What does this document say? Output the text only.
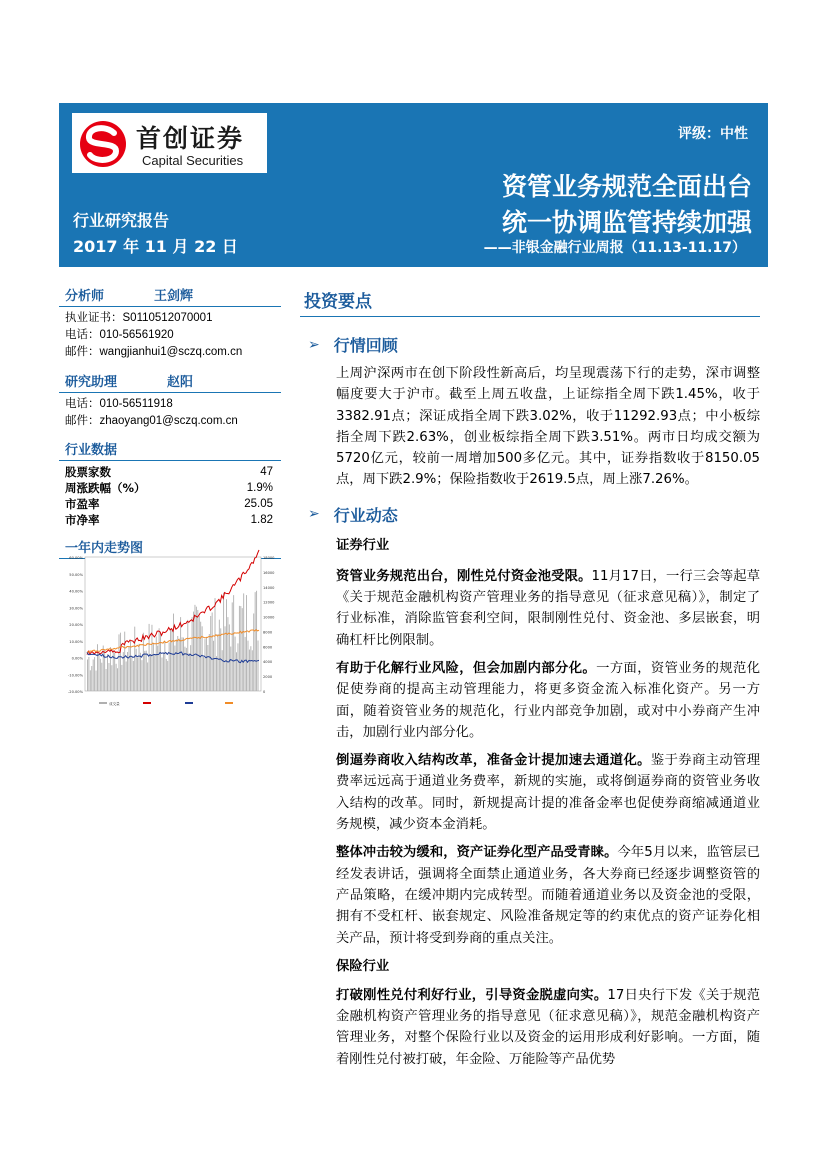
首创证券
Capital Securities
评级：中性
资管业务规范全面出台
统一协调监管持续加强
——非银金融行业周报（11.13-11.17）
行业研究报告
2017 年 11 月 22 日
分析师	王剑辉
执业证书：S0110512070001
电话：010-56561920
邮件：wangjianhui1@sczq.com.cn
研究助理	赵阳
电话：010-56511918
邮件：zhaoyang01@sczq.com.cn
行业数据
股票家数	47
周涨跌幅（%）	1.9%
市盈率	25.05
市净率	1.82
一年内走势图
60.00%
50.00%
40.00%
30.00%
20.00%
10.00%
0.00%
-10.00%
-20.00%
18000
16000
14000
12000
10000
8000
6000
4000
2000
0
成交量
投资要点
➢ 行情回顾
上周沪深两市在创下阶段性新高后，均呈现震荡下行的走势，深市调整幅度要大于沪市。截至上周五收盘，上证综指全周下跌1.45%，收于3382.91点；深证成指全周下跌3.02%，收于11292.93点；中小板综指全周下跌2.63%，创业板综指全周下跌3.51%。两市日均成交额为5720亿元，较前一周增加500多亿元。其中，证券指数收于8150.05点，周下跌2.9%；保险指数收于2619.5点，周上涨7.26%。
➢ 行业动态
证券行业
资管业务规范出台，刚性兑付资金池受限。11月17日，一行三会等起草《关于规范金融机构资产管理业务的指导意见（征求意见稿）》，制定了行业标准，消除监管套利空间，限制刚性兑付、资金池、多层嵌套，明确杠杆比例限制。
有助于化解行业风险，但会加剧内部分化。一方面，资管业务的规范化促使券商的提高主动管理能力，将更多资金流入标准化资产。另一方面，随着资管业务的规范化，行业内部竞争加剧，或对中小券商产生冲击，加剧行业内部分化。
倒逼券商收入结构改革，准备金计提加速去通道化。鉴于券商主动管理费率远远高于通道业务费率，新规的实施，或将倒逼券商的资管业务收入结构的改革。同时，新规提高计提的准备金率也促使券商缩减通道业务规模，减少资本金消耗。
整体冲击较为缓和，资产证券化型产品受青睐。今年5月以来，监管层已经发表讲话，强调将全面禁止通道业务，各大券商已经逐步调整资管的产品策略，在缓冲期内完成转型。而随着通道业务以及资金池的受限，拥有不受杠杆、嵌套规定、风险准备规定等的约束优点的资产证券化相关产品，预计将受到券商的重点关注。
保险行业
打破刚性兑付利好行业，引导资金脱虚向实。17日央行下发《关于规范金融机构资产管理业务的指导意见（征求意见稿）》，规范金融机构资产管理业务，对整个保险行业以及资金的运用形成利好影响。一方面，随着刚性兑付被打破，年金险、万能险等产品优势
